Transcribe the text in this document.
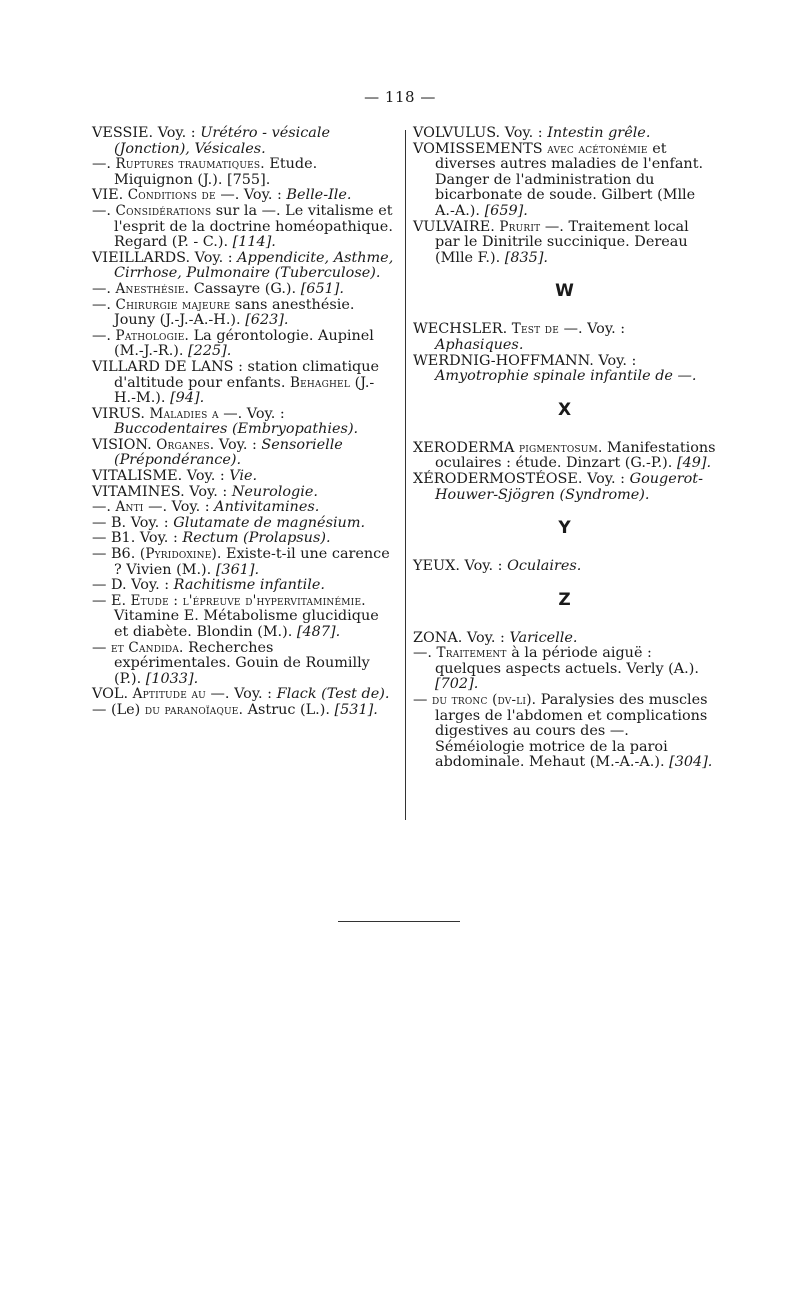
— 118 —

VESSIE. Voy. : Urétéro - vésicale (Jonction), Vésicales.

—. Ruptures traumatiques. Etude. Miquignon (J.). [755].

VIE. Conditions de —. Voy. : Belle-Ile.

—. Considérations sur la —. Le vitalisme et l'esprit de la doctrine homéopathique. Regard (P. - C.). [114].

VIEILLARDS. Voy. : Appendicite, Asthme, Cirrhose, Pulmonaire (Tuberculose).

—. Anesthésie. Cassayre (G.). [651].

—. Chirurgie majeure sans anesthésie. Jouny (J.-J.-A.-H.). [623].

—. Pathologie. La gérontologie. Aupinel (M.-J.-R.). [225].

VILLARD DE LANS : station climatique d'altitude pour enfants. Behaghel (J.-H.-M.). [94].

VIRUS. Maladies a —. Voy. : Buccodentaires (Embryopathies).

VISION. Organes. Voy. : Sensorielle (Prépondérance).

VITALISME. Voy. : Vie.

VITAMINES. Voy. : Neurologie.

—. Anti —. Voy. : Antivitamines.

— B. Voy. : Glutamate de magnésium.

— B1. Voy. : Rectum (Prolapsus).

— B6. (Pyridoxine). Existe-t-il une carence ? Vivien (M.). [361].

— D. Voy. : Rachitisme infantile.

— E. Etude : l'épreuve d'hypervitaminémie. Vitamine E. Métabolisme glucidique et diabète. Blondin (M.). [487].

— et Candida. Recherches expérimentales. Gouin de Roumilly (P.). [1033].

VOL. Aptitude au —. Voy. : Flack (Test de).

— (Le) du paranoïaque. Astruc (L.). [531].

VOLVULUS. Voy. : Intestin grêle.

VOMISSEMENTS avec acétonémie et diverses autres maladies de l'enfant. Danger de l'administration du bicarbonate de soude. Gilbert (Mlle A.-A.). [659].

VULVAIRE. Prurit —. Traitement local par le Dinitrile succinique. Dereau (Mlle F.). [835].

W

WECHSLER. Test de —. Voy. : Aphasiques.

WERDNIG-HOFFMANN. Voy. : Amyotrophie spinale infantile de —.

X

XERODERMA pigmentosum. Manifestations oculaires : étude. Dinzart (G.-P.). [49].

XÉRODERMOSTÉOSE. Voy. : Gougerot-Houwer-Sjögren (Syndrome).

Y

YEUX. Voy. : Oculaires.

Z

ZONA. Voy. : Varicelle.

—. Traitement à la période aiguë : quelques aspects actuels. Verly (A.). [702].

— du tronc (dv-li). Paralysies des muscles larges de l'abdomen et complications digestives au cours des —. Séméiologie motrice de la paroi abdominale. Mehaut (M.-A.-A.). [304].
